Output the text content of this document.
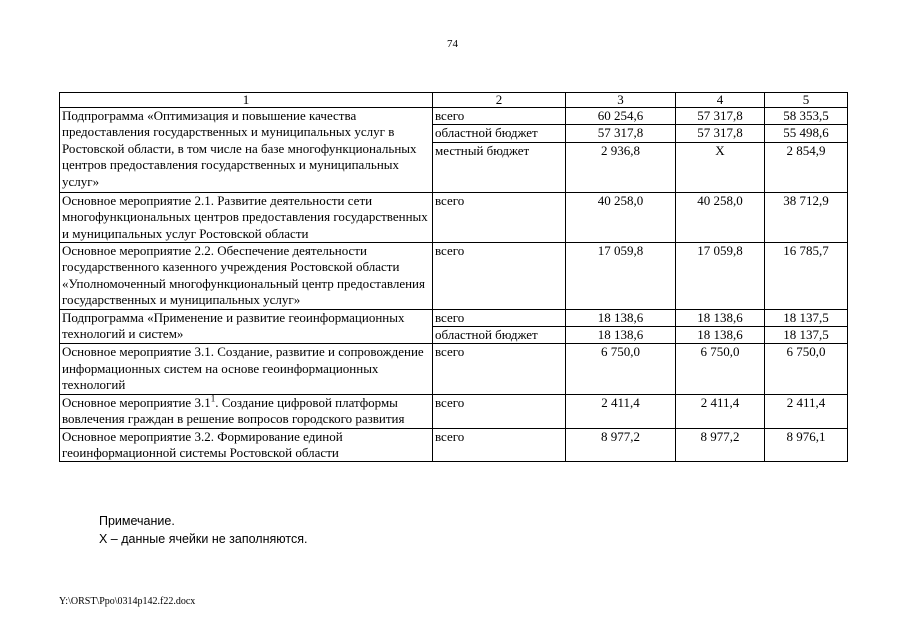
74
1	2	3	4	5
Подпрограмма «Оптимизация и повышение качества предоставления государственных и муниципальных услуг в Ростовской области, в том числе на базе многофункциональных центров предоставления государственных и муниципальных услуг»	всего	60 254,6	57 317,8	58 353,5
	областной бюджет	57 317,8	57 317,8	55 498,6
	местный бюджет	2 936,8	Х	2 854,9
Основное мероприятие 2.1. Развитие деятельности сети многофункциональных центров предоставления государственных и муниципальных услуг Ростовской области	всего	40 258,0	40 258,0	38 712,9
Основное мероприятие 2.2. Обеспечение деятельности государственного казенного учреждения Ростовской области «Уполномоченный многофункциональный центр предоставления государственных и муниципальных услуг»	всего	17 059,8	17 059,8	16 785,7
Подпрограмма «Применение и развитие геоинформационных технологий и систем»	всего	18 138,6	18 138,6	18 137,5
	областной бюджет	18 138,6	18 138,6	18 137,5
Основное мероприятие 3.1. Создание, развитие и сопровождение информационных систем на основе геоинформационных технологий	всего	6 750,0	6 750,0	6 750,0
Основное мероприятие $3.1^1$. Создание цифровой платформы вовлечения граждан в решение вопросов городского развития	всего	2 411,4	2 411,4	2 411,4
Основное мероприятие 3.2. Формирование единой геоинформационной системы Ростовской области	всего	8 977,2	8 977,2	8 976,1
Примечание.
Х – данные ячейки не заполняются.
Y:\ORST\Ppo\0314p142.f22.docx
